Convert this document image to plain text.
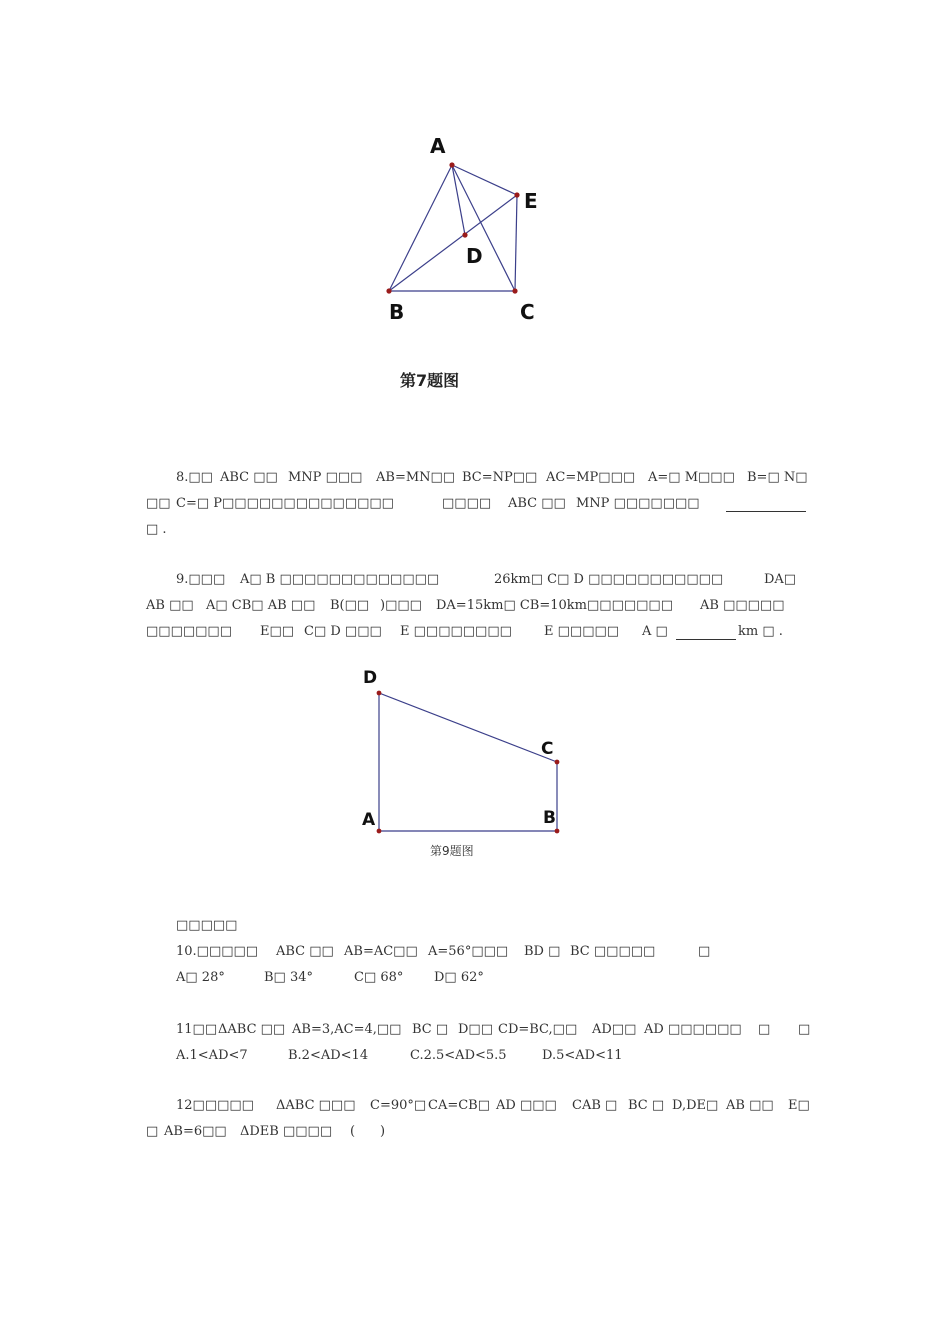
A
E
D
B	C
第7题图
8.□□ ABC □□ MNP □□□ AB=MN□□ BC=NP□□ AC=MP□□□ A=□ M□□□ B=□ N□
□□ C=□ P□□□□□□□□□□□□□□	□□□□ ABC □□ MNP □□□□□□□
□ .
9.□□□ A□ B □□□□□□□□□□□□□	26km□ C□ D □□□□□□□□□□□	DA□
AB □□ A□ CB□ AB □□ B(□□ )□□□ DA=15km□ CB=10km□□□□□□□ AB □□□□□
□□□□□□□ E□□ C□ D □□□ E □□□□□□□□ E □□□□□ A □	km □ .
D
C
A	B
第9题图
□□□□□
10.□□□□□ ABC □□ AB=AC□□ A=56°□□□ BD □ BC □□□□□	□
A□ 28°	B□ 34°	C□ 68° D□ 62°
11□□ ΔABC □□ AB=3,AC=4,□□ BC □ D□□ CD=BC,□□ AD□□ AD □□□□□□ □ □
A.1<AD<7	B.2<AD<14	C.2.5<AD<5.5	D.5<AD<11
12□□□□□ ΔABC □□□ C=90°□ CA=CB□ AD □□□ CAB □ BC □ D,DE□ AB □□ E□
□ AB=6□□ ΔDEB □□□□ ( )
